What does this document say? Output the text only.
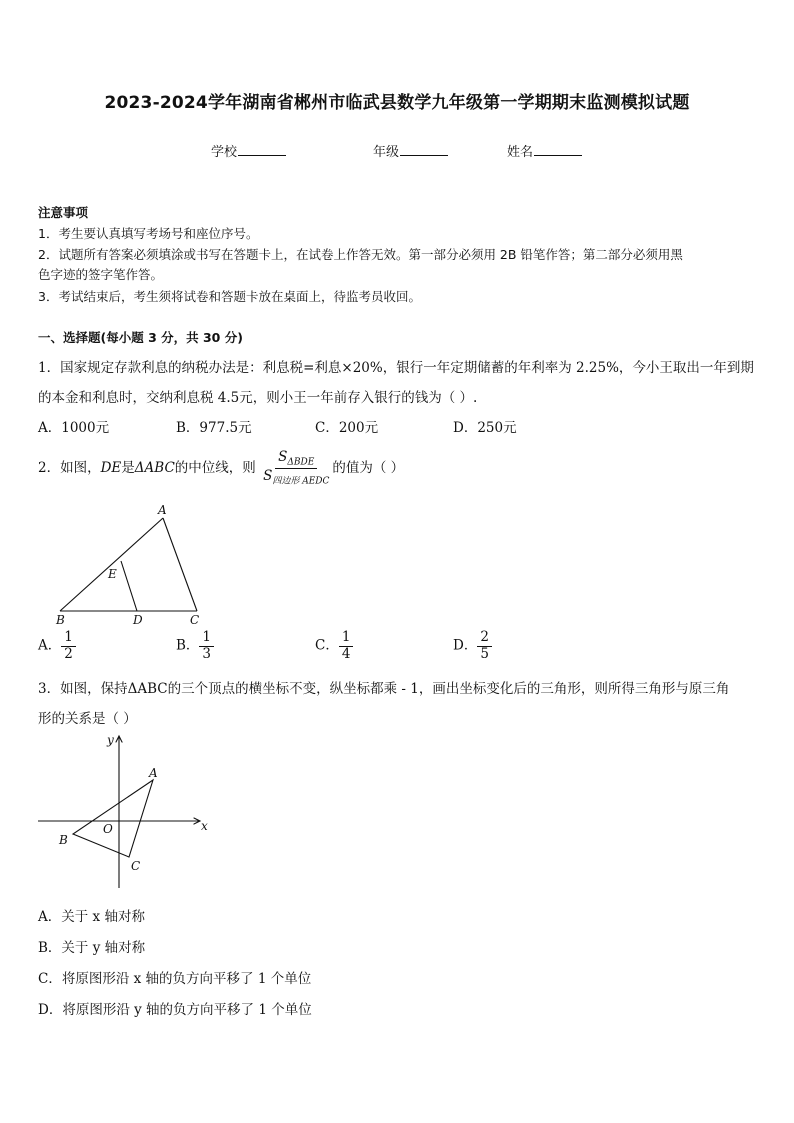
2023-2024学年湖南省郴州市临武县数学九年级第一学期期末监测模拟试题
学校	年级	姓名
注意事项
1．考生要认真填写考场号和座位序号。
2．试题所有答案必须填涂或书写在答题卡上，在试卷上作答无效。第一部分必须用 2B 铅笔作答；第二部分必须用黑
色字迹的签字笔作答。
3．考试结束后，考生须将试卷和答题卡放在桌面上，待监考员收回。
一、选择题(每小题 3 分，共 30 分)
1．国家规定存款利息的纳税办法是：利息税=利息×20%，银行一年定期储蓄的年利率为 2.25%，今小王取出一年到期
的本金和利息时，交纳利息税 4.5元，则小王一年前存入银行的钱为（ ）.
A．1000元	B．977.5元	C．200元	D．250元
2．如图，DE是ΔABC的中位线，则 $\frac{S_{\Delta BDE}}{S_{四边形 AEDC}}$ 的值为（ ）
A
B	C
D
E
A． $\frac{1}{2}$	B． $\frac{1}{3}$	C． $\frac{1}{4}$	D． $\frac{2}{5}$
3．如图，保持ΔABC的三个顶点的横坐标不变，纵坐标都乘 - 1，画出坐标变化后的三角形，则所得三角形与原三角
形的关系是（ ）
x
y
O
A
B
C
A．关于 x 轴对称
B．关于 y 轴对称
C．将原图形沿 x 轴的负方向平移了 1 个单位
D．将原图形沿 y 轴的负方向平移了 1 个单位
